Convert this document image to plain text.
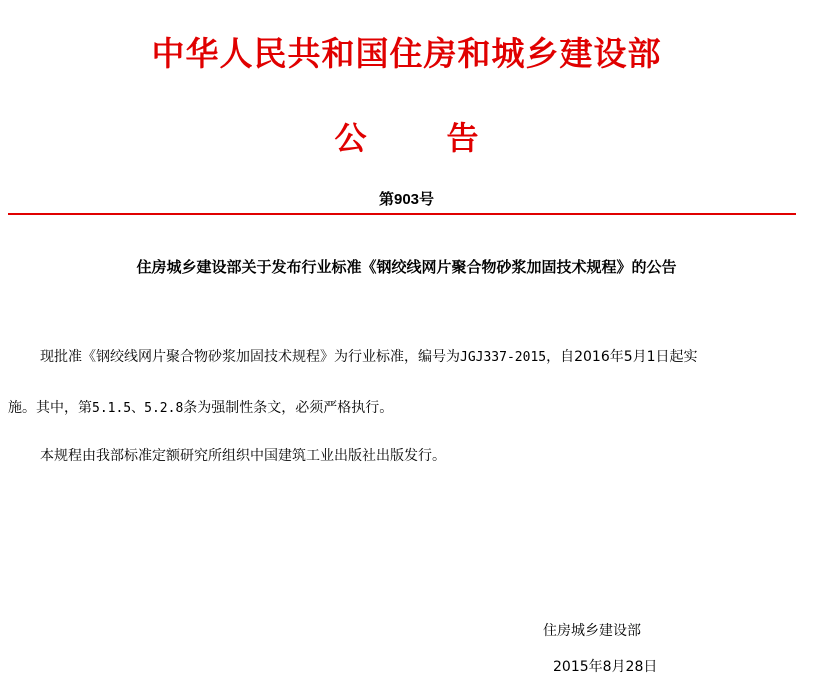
中华人民共和国住房和城乡建设部
公	告
第903号
住房城乡建设部关于发布行业标准《钢绞线网片聚合物砂浆加固技术规程》的公告
现批准《钢绞线网片聚合物砂浆加固技术规程》为行业标准，编号为JGJ337-2015，自2016年5月1日起实
施。其中，第5.1.5、5.2.8条为强制性条文，必须严格执行。
本规程由我部标准定额研究所组织中国建筑工业出版社出版发行。
住房城乡建设部
2015年8月28日
